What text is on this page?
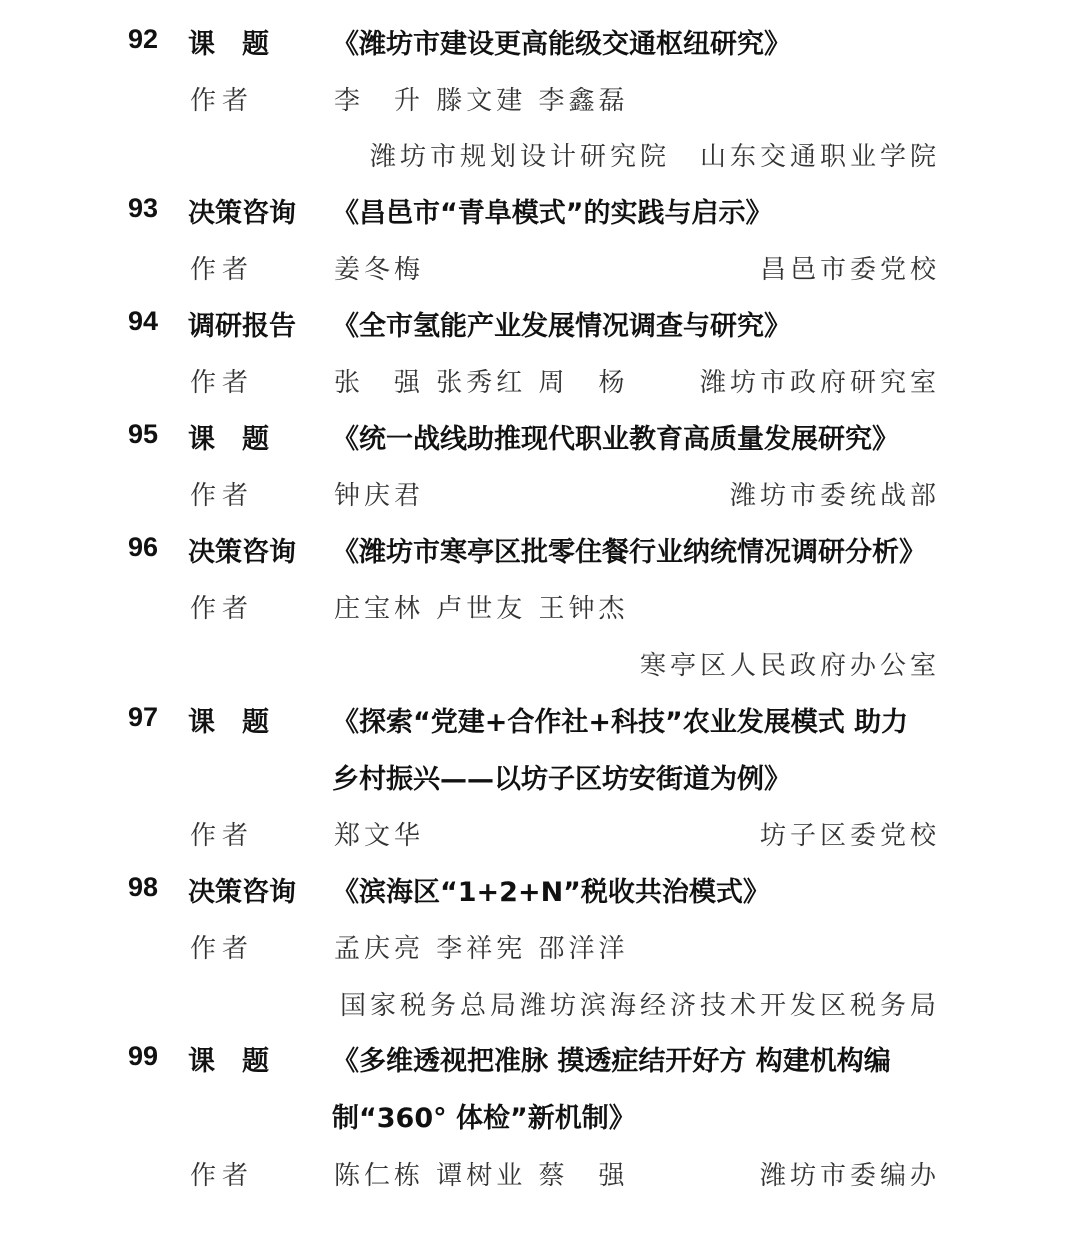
92 课　题	《潍坊市建设更高能级交通枢纽研究》
作者	李　升 滕文建 李鑫磊
潍坊市规划设计研究院　山东交通职业学院
93 决策咨询 《昌邑市“青阜模式”的实践与启示》
作者	姜冬梅	昌邑市委党校
94 调研报告 《全市氢能产业发展情况调查与研究》
作者	张　强 张秀红 周　杨	潍坊市政府研究室
95 课　题	《统一战线助推现代职业教育高质量发展研究》
作者	钟庆君	潍坊市委统战部
96 决策咨询 《潍坊市寒亭区批零住餐行业纳统情况调研分析》
作者	庄宝林 卢世友 王钟杰
寒亭区人民政府办公室
97 课　题	《探索“党建+合作社+科技”农业发展模式 助力
乡村振兴——以坊子区坊安街道为例》
作者	郑文华	坊子区委党校
98 决策咨询 《滨海区“1+2+N”税收共治模式》
作者	孟庆亮 李祥宪 邵洋洋
国家税务总局潍坊滨海经济技术开发区税务局
99 课　题	《多维透视把准脉 摸透症结开好方 构建机构编
制“360° 体检”新机制》
作者	陈仁栋 谭树业 蔡　强	潍坊市委编办
